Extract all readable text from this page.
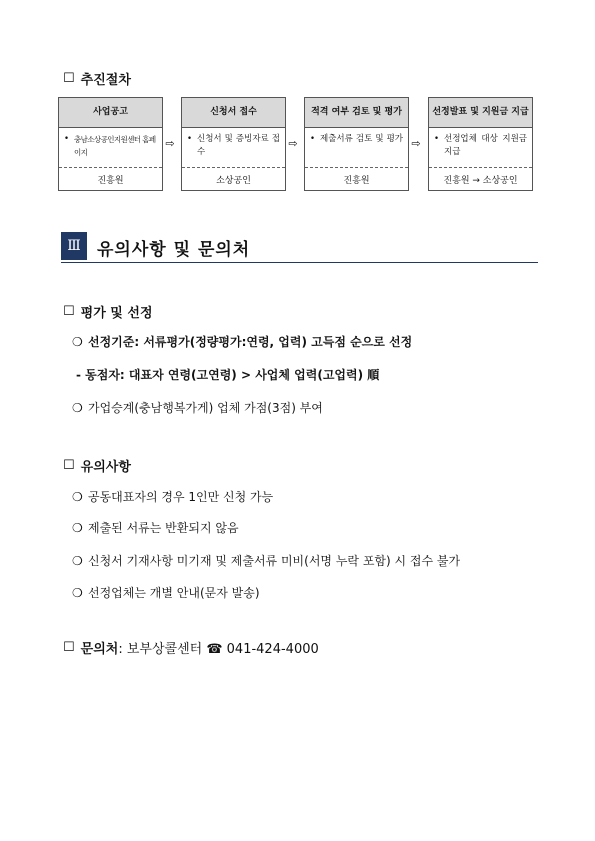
☐ 추진절차
사업공고
• 충남소상공인지원센터 홈페이지
진흥원
⇨
신청서 접수
• 신청서 및 증빙자료 접수
소상공인
⇨
적격 여부 검토 및 평가
• 제출서류 검토 및 평가
진흥원
⇨
선정발표 및 지원금 지급
• 선정업체 대상 지원금 지급
진흥원 → 소상공인
Ⅲ 유의사항 및 문의처
☐ 평가 및 선정
❍ 선정기준: 서류평가(정량평가:연령, 업력) 고득점 순으로 선정
- 동점자: 대표자 연령(고연령) > 사업체 업력(고업력) 順
❍ 가업승계(충남행복가게) 업체 가점(3점) 부여
☐ 유의사항
❍ 공동대표자의 경우 1인만 신청 가능
❍ 제출된 서류는 반환되지 않음
❍ 신청서 기재사항 미기재 및 제출서류 미비(서명 누락 포함) 시 접수 불가
❍ 선정업체는 개별 안내(문자 발송)
☐ 문의처 : 보부상콜센터 ☎ 041-424-4000
